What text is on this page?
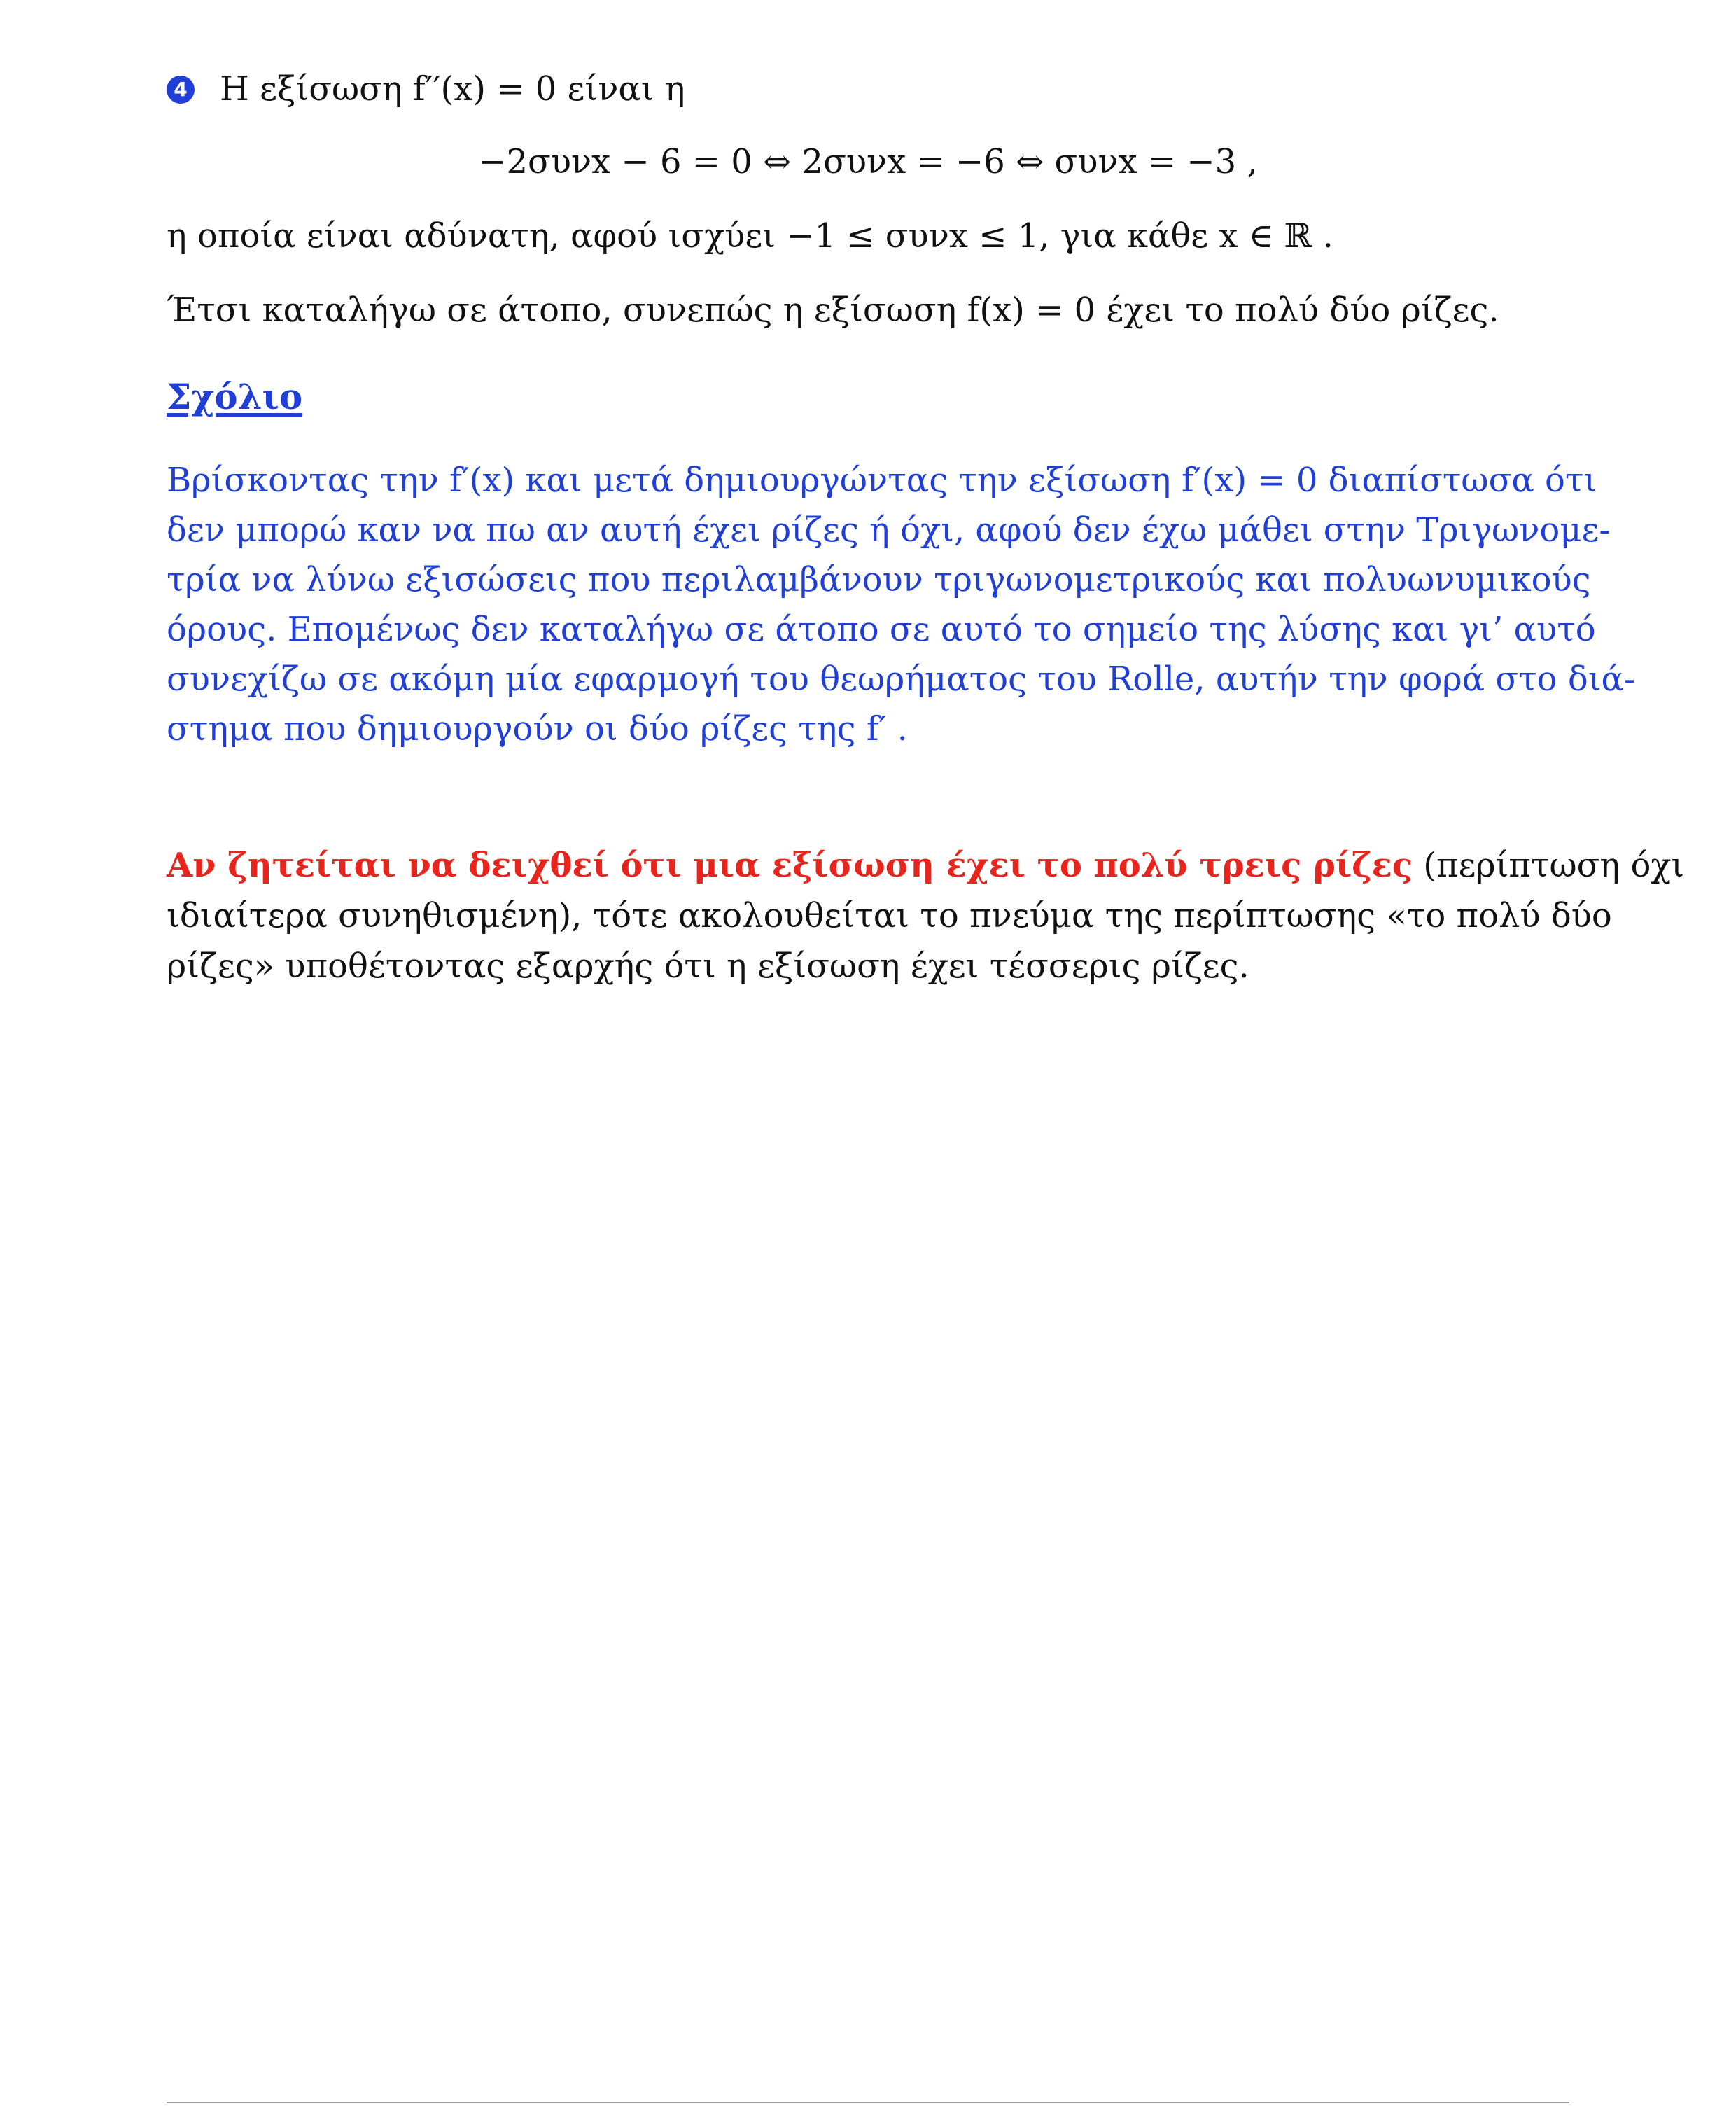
4 Η εξίσωση f′′(x) = 0 είναι η
−2συνx − 6 = 0 ⇔ 2συνx = −6 ⇔ συνx = −3 ,
η οποία είναι αδύνατη, αφού ισχύει −1 ≤ συνx ≤ 1, για κάθε x ∈ ℝ .
Έτσι καταλήγω σε άτοπο, συνεπώς η εξίσωση f(x) = 0 έχει το πολύ δύο ρίζες.
Σχόλιο
Βρίσκοντας την f′(x) και μετά δημιουργώντας την εξίσωση f′(x) = 0 διαπίστωσα ότι
δεν μπορώ καν να πω αν αυτή έχει ρίζες ή όχι, αφού δεν έχω μάθει στην Τριγωνομε-
τρία να λύνω εξισώσεις που περιλαμβάνουν τριγωνομετρικούς και πολυωνυμικούς
όρους. Επομένως δεν καταλήγω σε άτοπο σε αυτό το σημείο της λύσης και γι’ αυτό
συνεχίζω σε ακόμη μία εφαρμογή του θεωρήματος του Rolle, αυτήν την φορά στο διά-
στημα που δημιουργούν οι δύο ρίζες της f′ .
Αν ζητείται να δειχθεί ότι μια εξίσωση έχει το πολύ τρεις ρίζες (περίπτωση όχι
ιδιαίτερα συνηθισμένη), τότε ακολουθείται το πνεύμα της περίπτωσης «το πολύ δύο
ρίζες» υποθέτοντας εξαρχής ότι η εξίσωση έχει τέσσερις ρίζες.
